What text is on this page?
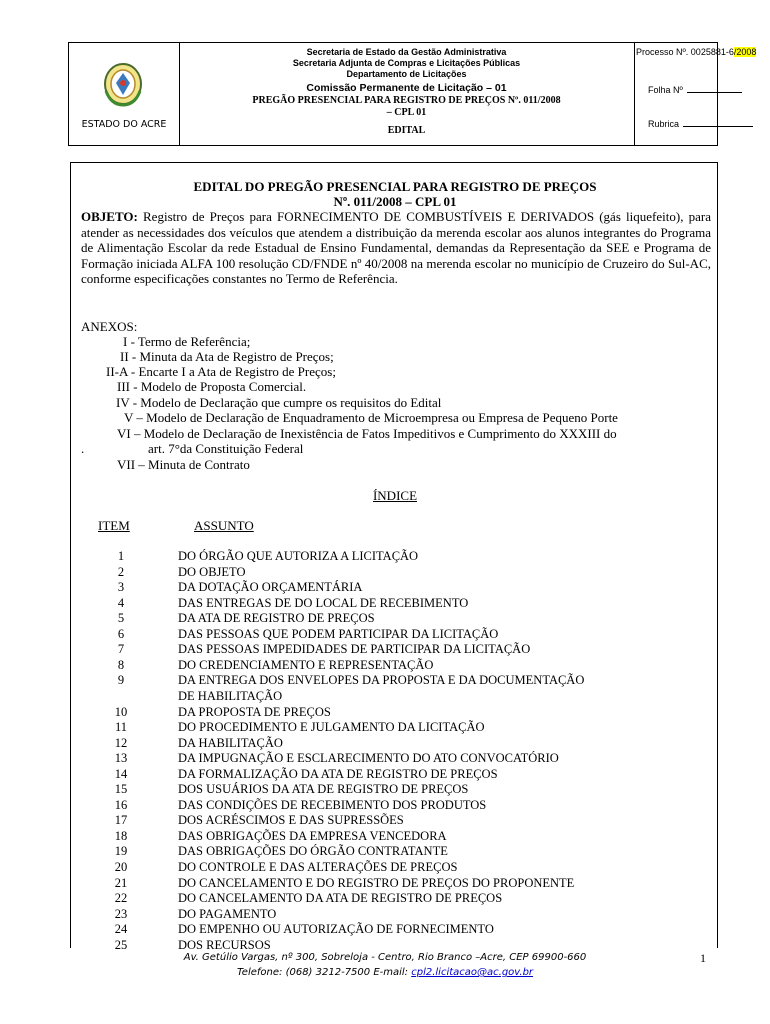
ESTADO DO ACRE
Secretaria de Estado da Gestão Administrativa
Secretaria Adjunta de Compras e Licitações Públicas
Departamento de Licitações
Comissão Permanente de Licitação – 01
PREGÃO PRESENCIAL PARA REGISTRO DE PREÇOS Nº. 011/2008
– CPL 01
EDITAL
Processo Nº. 0025881-6/2008
Folha Nº
Rubrica
EDITAL DO PREGÃO PRESENCIAL PARA REGISTRO DE PREÇOS
Nº. 011/2008 – CPL 01
OBJETO: Registro de Preços para FORNECIMENTO DE COMBUSTÍVEIS E DERIVADOS (gás liquefeito), para atender as necessidades dos veículos que atendem a distribuição da merenda escolar aos alunos integrantes do Programa de Alimentação Escolar da rede Estadual de Ensino Fundamental, demandas da Representação da SEE e Programa de Formação iniciada ALFA 100 resolução CD/FNDE nº 40/2008 na merenda escolar no município de Cruzeiro do Sul-AC, conforme especificações constantes no Termo de Referência.
ANEXOS:
I - Termo de Referência;
II - Minuta da Ata de Registro de Preços;
II-A - Encarte I a Ata de Registro de Preços;
III - Modelo de Proposta Comercial.
IV - Modelo de Declaração que cumpre os requisitos do Edital
V – Modelo de Declaração de Enquadramento de Microempresa ou Empresa de Pequeno Porte
VI – Modelo de Declaração de Inexistência de Fatos Impeditivos e Cumprimento do XXXIII do
.	art. 7°da Constituição Federal
VII – Minuta de Contrato
ÍNDICE
ITEM	ASSUNTO
1	DO ÓRGÃO QUE AUTORIZA A LICITAÇÃO
2	DO OBJETO
3	DA DOTAÇÃO ORÇAMENTÁRIA
4	DAS ENTREGAS DE DO LOCAL DE RECEBIMENTO
5	DA ATA DE REGISTRO DE PREÇOS
6	DAS PESSOAS QUE PODEM PARTICIPAR DA LICITAÇÃO
7	DAS PESSOAS IMPEDIDADES DE PARTICIPAR DA LICITAÇÃO
8	DO CREDENCIAMENTO E REPRESENTAÇÃO
9	DA ENTREGA DOS ENVELOPES DA PROPOSTA E DA DOCUMENTAÇÃO
DE HABILITAÇÃO
10	DA PROPOSTA DE PREÇOS
11	DO PROCEDIMENTO E JULGAMENTO DA LICITAÇÃO
12	DA HABILITAÇÃO
13	DA IMPUGNAÇÃO E ESCLARECIMENTO DO ATO CONVOCATÓRIO
14	DA FORMALIZAÇÃO DA ATA DE REGISTRO DE PREÇOS
15	DOS USUÁRIOS DA ATA DE REGISTRO DE PREÇOS
16	DAS CONDIÇÕES DE RECEBIMENTO DOS PRODUTOS
17	DOS ACRÉSCIMOS E DAS SUPRESSÕES
18	DAS OBRIGAÇÕES DA EMPRESA VENCEDORA
19	DAS OBRIGAÇÕES DO ÓRGÃO CONTRATANTE
20	DO CONTROLE E DAS ALTERAÇÕES DE PREÇOS
21	DO CANCELAMENTO E DO REGISTRO DE PREÇOS DO PROPONENTE
22	DO CANCELAMENTO DA ATA DE REGISTRO DE PREÇOS
23	DO PAGAMENTO
24	DO EMPENHO OU AUTORIZAÇÃO DE FORNECIMENTO
25	DOS RECURSOS
Av. Getúlio Vargas, nº 300, Sobreloja - Centro, Rio Branco –Acre, CEP 69900-660
Telefone: (068) 3212-7500 E-mail: cpl2.licitacao@ac.gov.br
1
